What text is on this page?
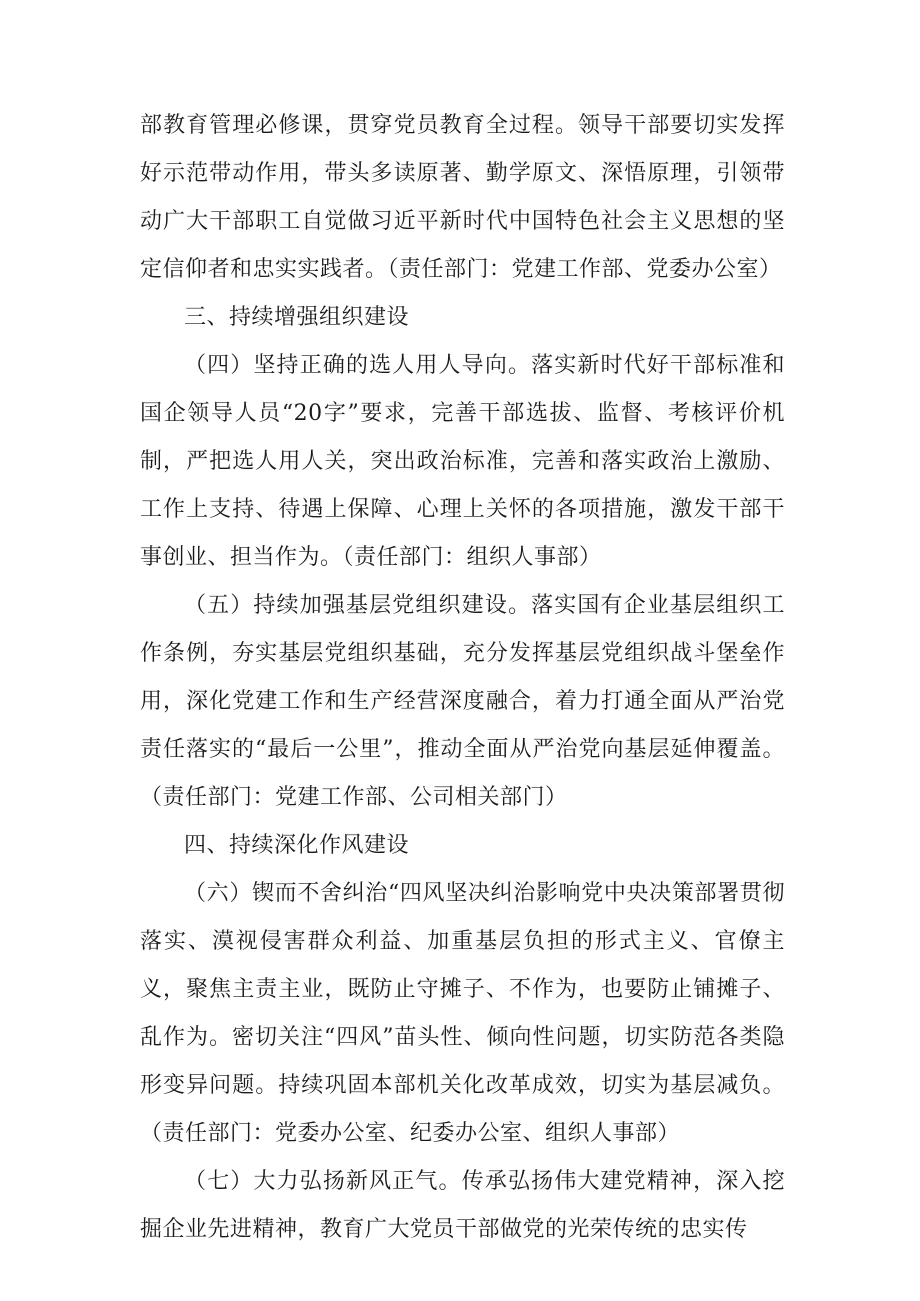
部教育管理必修课，贯穿党员教育全过程。领导干部要切实发挥好示范带动作用，带头多读原著、勤学原文、深悟原理，引领带动广大干部职工自觉做习近平新时代中国特色社会主义思想的坚定信仰者和忠实实践者。（责任部门：党建工作部、党委办公室）

三、持续增强组织建设

（四）坚持正确的选人用人导向。落实新时代好干部标准和国企领导人员“20字”要求，完善干部选拔、监督、考核评价机制，严把选人用人关，突出政治标准，完善和落实政治上激励、工作上支持、待遇上保障、心理上关怀的各项措施，激发干部干事创业、担当作为。（责任部门：组织人事部）

（五）持续加强基层党组织建设。落实国有企业基层组织工作条例，夯实基层党组织基础，充分发挥基层党组织战斗堡垒作用，深化党建工作和生产经营深度融合，着力打通全面从严治党责任落实的“最后一公里”，推动全面从严治党向基层延伸覆盖。（责任部门：党建工作部、公司相关部门）

四、持续深化作风建设

（六）锲而不舍纠治“四风坚决纠治影响党中央决策部署贯彻落实、漠视侵害群众利益、加重基层负担的形式主义、官僚主义，聚焦主责主业，既防止守摊子、不作为，也要防止铺摊子、乱作为。密切关注“四风”苗头性、倾向性问题，切实防范各类隐形变异问题。持续巩固本部机关化改革成效，切实为基层减负。（责任部门：党委办公室、纪委办公室、组织人事部）

（七）大力弘扬新风正气。传承弘扬伟大建党精神，深入挖掘企业先进精神，教育广大党员干部做党的光荣传统的忠实传
